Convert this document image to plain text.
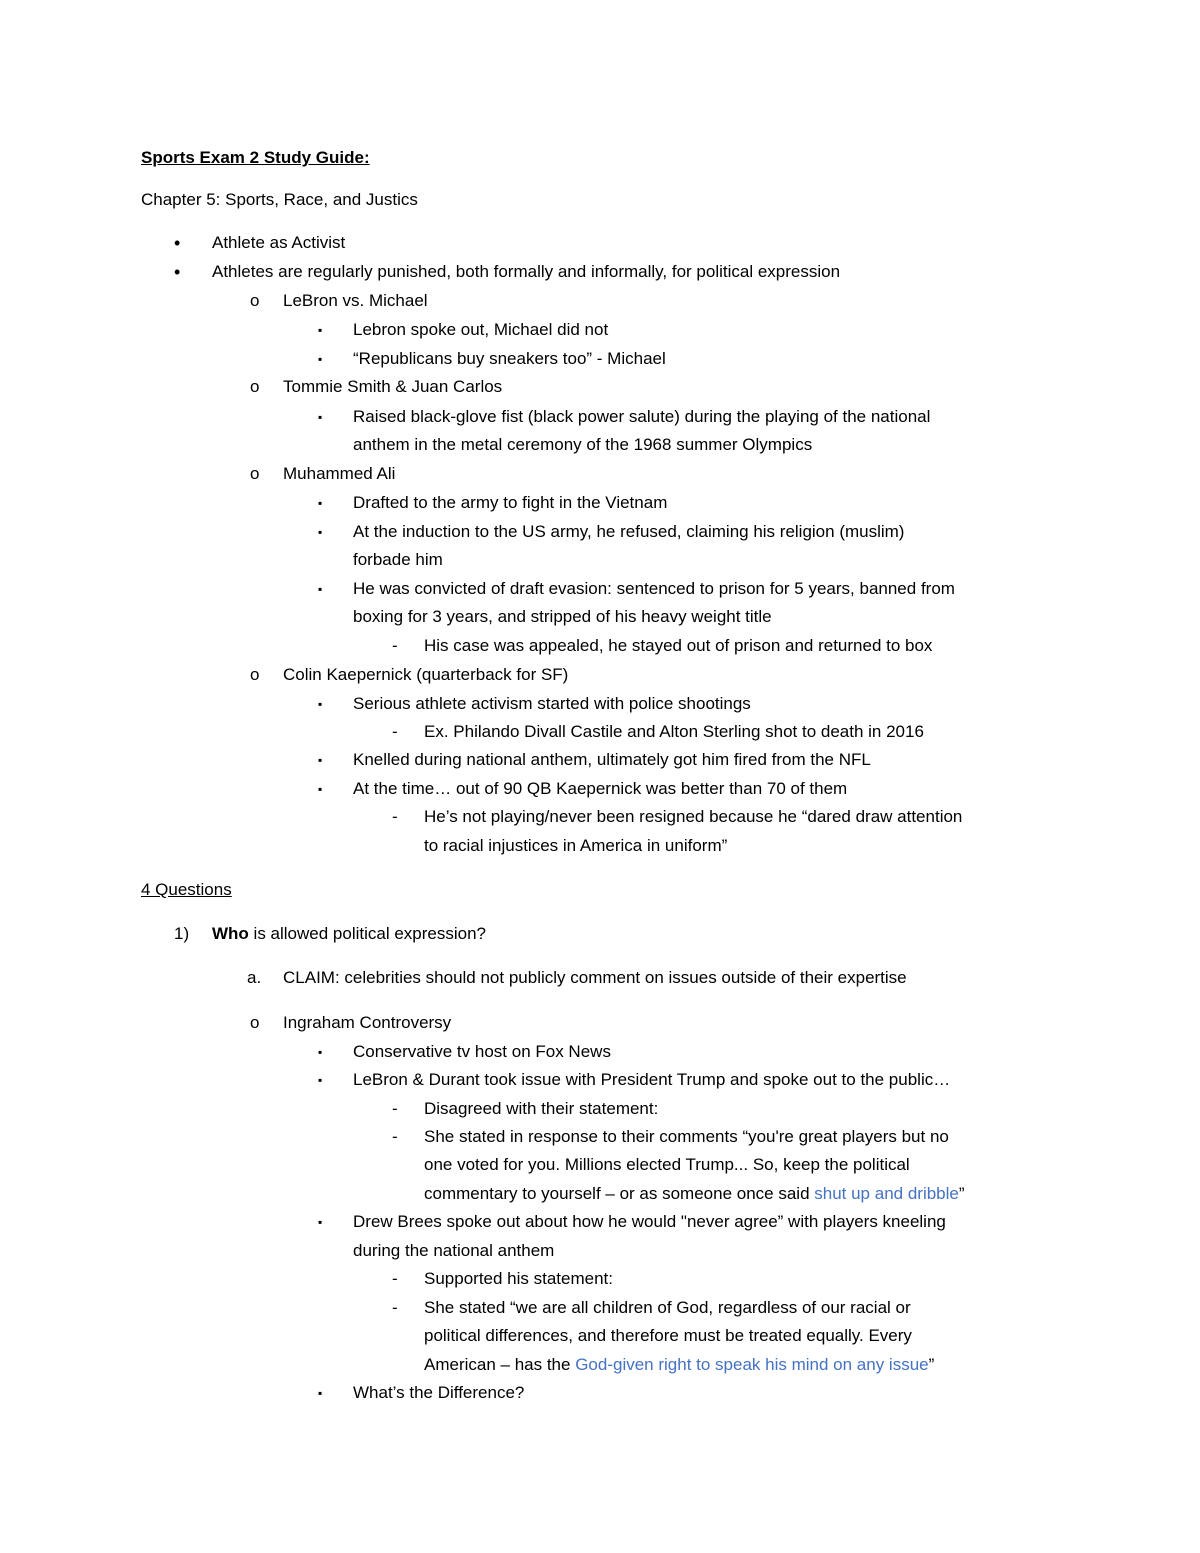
Sports Exam 2 Study Guide:
Chapter 5: Sports, Race, and Justics
• Athlete as Activist
• Athletes are regularly punished, both formally and informally, for political expression
o LeBron vs. Michael
▪ Lebron spoke out, Michael did not
▪ “Republicans buy sneakers too” - Michael
o Tommie Smith & Juan Carlos
▪ Raised black-glove fist (black power salute) during the playing of the national
anthem in the metal ceremony of the 1968 summer Olympics
o Muhammed Ali
▪ Drafted to the army to fight in the Vietnam
▪ At the induction to the US army, he refused, claiming his religion (muslim)
forbade him
▪ He was convicted of draft evasion: sentenced to prison for 5 years, banned from
boxing for 3 years, and stripped of his heavy weight title
- His case was appealed, he stayed out of prison and returned to box
o Colin Kaepernick (quarterback for SF)
▪ Serious athlete activism started with police shootings
- Ex. Philando Divall Castile and Alton Sterling shot to death in 2016
▪ Knelled during national anthem, ultimately got him fired from the NFL
▪ At the time… out of 90 QB Kaepernick was better than 70 of them
- He’s not playing/never been resigned because he “dared draw attention
to racial injustices in America in uniform”
4 Questions
1) Who is allowed political expression?
a. CLAIM: celebrities should not publicly comment on issues outside of their expertise
o Ingraham Controversy
▪ Conservative tv host on Fox News
▪ LeBron & Durant took issue with President Trump and spoke out to the public…
- Disagreed with their statement:
- She stated in response to their comments “you're great players but no
one voted for you. Millions elected Trump... So, keep the political
commentary to yourself – or as someone once said shut up and dribble”
▪ Drew Brees spoke out about how he would "never agree” with players kneeling
during the national anthem
- Supported his statement:
- She stated “we are all children of God, regardless of our racial or
political differences, and therefore must be treated equally. Every
American – has the God-given right to speak his mind on any issue”
▪ What’s the Difference?
